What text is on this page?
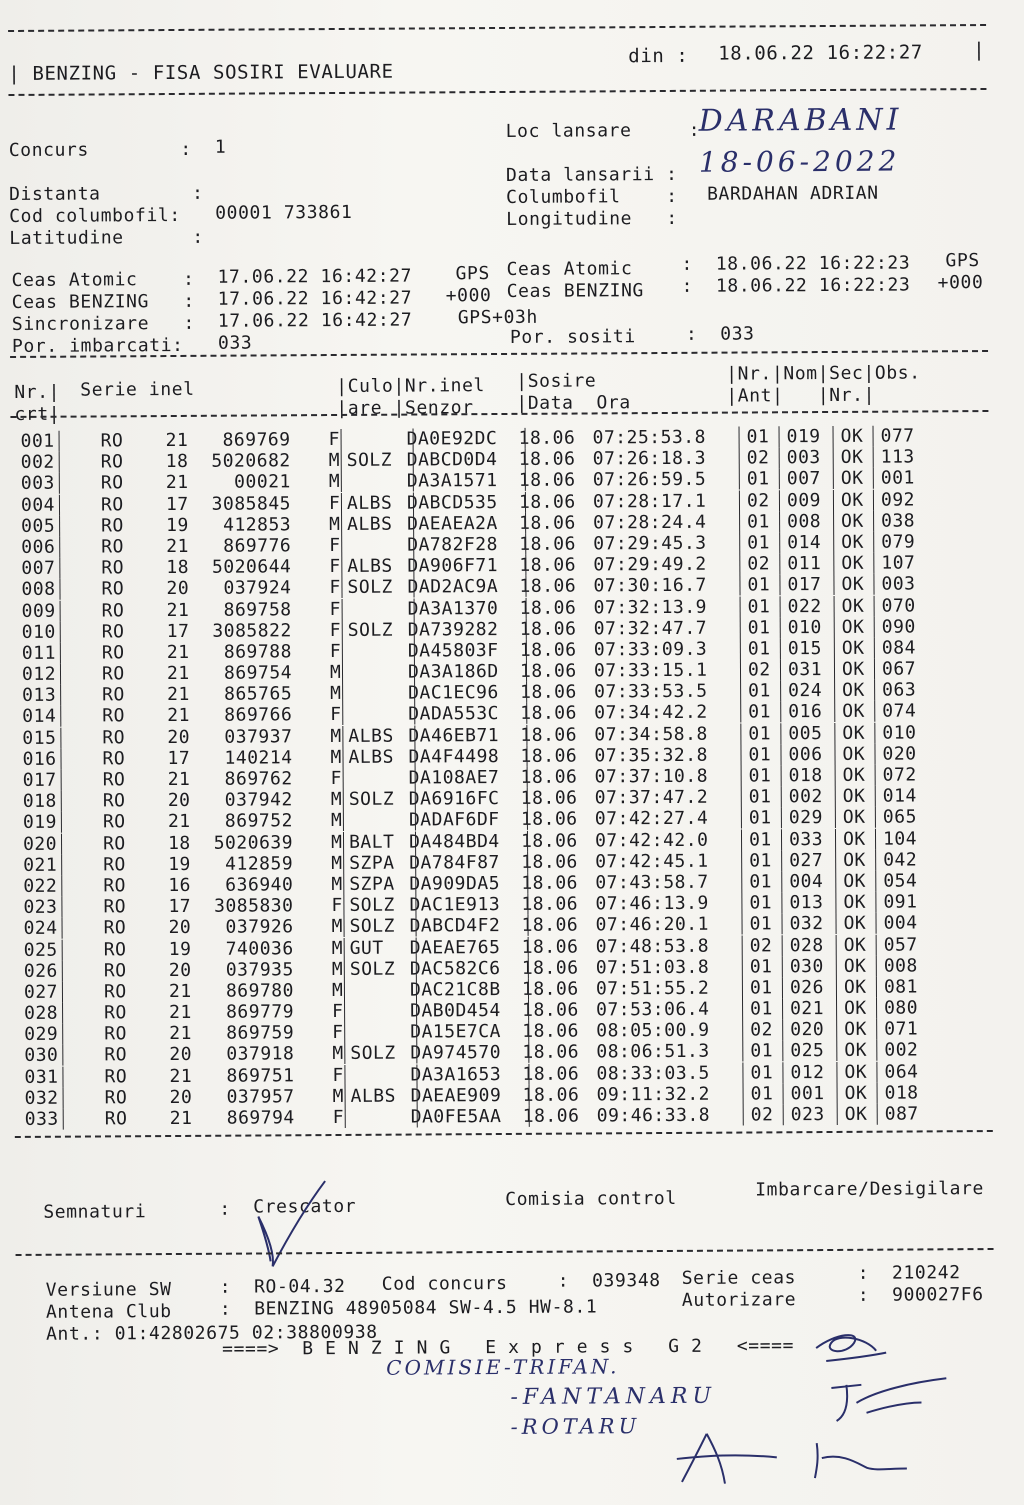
| BENZING - FISA SOSIRI EVALUARE
din : 18.06.22 16:22:27	|
Concurs        : 1
Loc lansare     :
DARABANI
Data lansarii : 18-06-2022
Distanta        :	Columbofil    : BARDAHAN ADRIAN
Cod columbofil: 00001 733861	Longitudine   :
Latitudine      :
Ceas Atomic    : 17.06.22 16:42:27 GPS Ceas Atomic	:  18.06.22 16:22:23 GPS
Ceas BENZING   : 17.06.22 16:42:27 +000 Ceas BENZING :  18.06.22 16:22:23 +000
Sincronizare   : 17.06.22 16:42:27	GPS+03h
Por. imbarcati: 033	Por. sositi	:  033
Nr.|
crt|
Serie inel	|Culo|Nr.inel
|are |Senzor
|Sosire
|Data  Ora
|Nr.|Nom|Sec|Obs.
|Ant|   |Nr.|
001	RO 21	869769 F	DA0E92DC 18.06 07:25:53.8 01 019 OK 077
002	RO 18	5020682 M SOLZ DABCD0D4 18.06 07:26:18.3 02 003 OK 113
003	RO 21	00021 M	DA3A1571 18.06 07:26:59.5 01 007 OK 001
004	RO 17	3085845 F ALBS DABCD535 18.06 07:28:17.1 02 009 OK 092
005	RO 19	412853 M ALBS DAEAEA2A 18.06 07:28:24.4 01 008 OK 038
006	RO 21	869776 F	DA782F28 18.06 07:29:45.3 01 014 OK 079
007	RO 18	5020644 F ALBS DA906F71 18.06 07:29:49.2 02 011 OK 107
008	RO 20	037924 F SOLZ DAD2AC9A 18.06 07:30:16.7 01 017 OK 003
009	RO 21	869758 F	DA3A1370 18.06 07:32:13.9 01 022 OK 070
010	RO 17	3085822 F SOLZ DA739282 18.06 07:32:47.7 01 010 OK 090
011	RO 21	869788 F	DA45803F 18.06 07:33:09.3 01 015 OK 084
012	RO 21	869754 M	DA3A186D 18.06 07:33:15.1 02 031 OK 067
013	RO 21	865765 M	DAC1EC96 18.06 07:33:53.5 01 024 OK 063
014	RO 21	869766 F	DADA553C 18.06 07:34:42.2 01 016 OK 074
015	RO 20	037937 M ALBS DA46EB71 18.06 07:34:58.8 01 005 OK 010
016	RO 17	140214 M ALBS DA4F4498 18.06 07:35:32.8 01 006 OK 020
017	RO 21	869762 F	DA108AE7 18.06 07:37:10.8 01 018 OK 072
018	RO 20	037942 M SOLZ DA6916FC 18.06 07:37:47.2 01 002 OK 014
019	RO 21	869752 M	DADAF6DF 18.06 07:42:27.4 01 029 OK 065
020	RO 18	5020639 M BALT DA484BD4 18.06 07:42:42.0 01 033 OK 104
021	RO 19	412859 M SZPA DA784F87 18.06 07:42:45.1 01 027 OK 042
022	RO 16	636940 M SZPA DA909DA5 18.06 07:43:58.7 01 004 OK 054
023	RO 17	3085830 F SOLZ DAC1E913 18.06 07:46:13.9 01 013 OK 091
024	RO 20	037926 M SOLZ DABCD4F2 18.06 07:46:20.1 01 032 OK 004
025	RO 19	740036 M GUT DAEAE765 18.06 07:48:53.8 02 028 OK 057
026	RO 20	037935 M SOLZ DAC582C6 18.06 07:51:03.8 01 030 OK 008
027	RO 21	869780 M	DAC21C8B 18.06 07:51:55.2 01 026 OK 081
028	RO 21	869779 F	DAB0D454 18.06 07:53:06.4 01 021 OK 080
029	RO 21	869759 F	DA15E7CA 18.06 08:05:00.9 02 020 OK 071
030	RO 20	037918 M SOLZ DA974570 18.06 08:06:51.3 01 025 OK 002
031	RO 21	869751 F	DA3A1653 18.06 08:33:03.5 01 012 OK 064
032	RO 20	037957 M ALBS DAEAE909 18.06 09:11:32.2 01 001 OK 018
033	RO 21	869794 F	DA0FE5AA 18.06 09:46:33.8 02 023 OK 087
Semnaturi	: Crescator	Comisia control	Imbarcare/Desigilare
Versiune SW	:  RO-04.32 Cod concurs	:  039348 Serie ceas	:  210242
Antena Club	:  BENZING 48905084 SW-4.5 HW-8.1	Autorizare	:  900027F6
Ant.: 01:42802675 02:38800938
====>  B E N Z I N G   E x p r e s s   G 2   <====
COMISIE-TRIFAN.
-FANTANARU
-ROTARU
